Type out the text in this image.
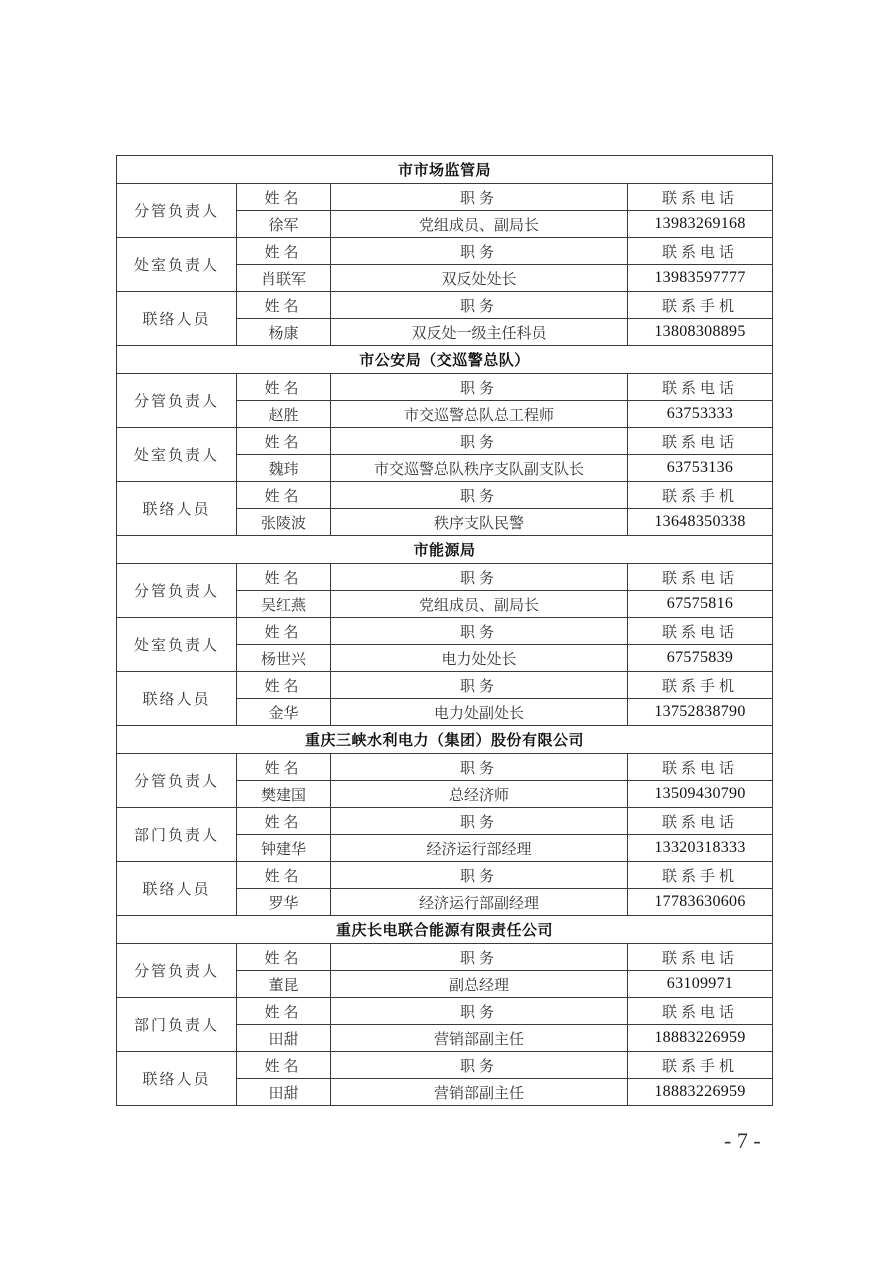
市市场监管局			
分管负责人	姓名	职务	联系电话
	徐军	党组成员、副局长	13983269168
处室负责人	姓名	职务	联系电话
	肖联军	双反处处长	13983597777
联络人员	姓名	职务	联系手机
	杨康	双反处一级主任科员	13808308895
市公安局（交巡警总队）			
分管负责人	姓名	职务	联系电话
	赵胜	市交巡警总队总工程师	63753333
处室负责人	姓名	职务	联系电话
	魏玮	市交巡警总队秩序支队副支队长	63753136
联络人员	姓名	职务	联系手机
	张陵波	秩序支队民警	13648350338
市能源局			
分管负责人	姓名	职务	联系电话
	吴红燕	党组成员、副局长	67575816
处室负责人	姓名	职务	联系电话
	杨世兴	电力处处长	67575839
联络人员	姓名	职务	联系手机
	金华	电力处副处长	13752838790
重庆三峡水利电力（集团）股份有限公司			
分管负责人	姓名	职务	联系电话
	樊建国	总经济师	13509430790
部门负责人	姓名	职务	联系电话
	钟建华	经济运行部经理	13320318333
联络人员	姓名	职务	联系手机
	罗华	经济运行部副经理	17783630606
重庆长电联合能源有限责任公司			
分管负责人	姓名	职务	联系电话
	董昆	副总经理	63109971
部门负责人	姓名	职务	联系电话
	田甜	营销部副主任	18883226959
联络人员	姓名	职务	联系手机
	田甜	营销部副主任	18883226959
- 7 -
